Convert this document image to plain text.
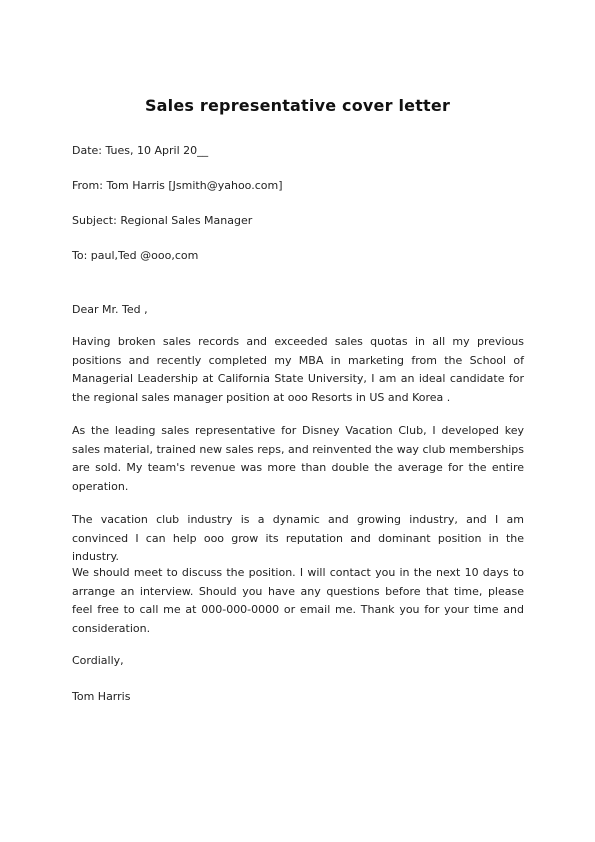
Sales representative cover letter
Date: Tues, 10 April 20__
From: Tom Harris [Jsmith@yahoo.com]
Subject: Regional Sales Manager
To: paul,Ted @ooo,com
Dear Mr. Ted ,
Having broken sales records and exceeded sales quotas in all my previous positions and recently completed my MBA in marketing from the School of Managerial Leadership at California State University, I am an ideal candidate for the regional sales manager position at ooo Resorts in US and Korea .
As the leading sales representative for Disney Vacation Club, I developed key sales material, trained new sales reps, and reinvented the way club memberships are sold. My team's revenue was more than double the average for the entire operation.
The vacation club industry is a dynamic and growing industry, and I am convinced I can help ooo grow its reputation and dominant position in the industry.
We should meet to discuss the position. I will contact you in the next 10 days to arrange an interview. Should you have any questions before that time, please feel free to call me at 000-000-0000 or email me. Thank you for your time and consideration.
Cordially,
Tom Harris
